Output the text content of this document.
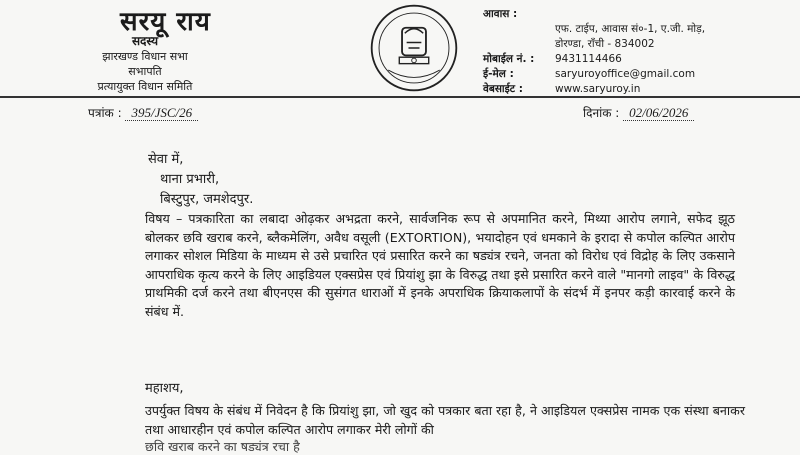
सरयू राय
सदस्य
झारखण्ड विधान सभा
सभापति
प्रत्यायुक्त विधान समिति
आवास :
एफ. टाईप, आवास सं०-1, ए.जी. मोड़,
डोरण्डा, राँची - 834002
मोबाईल नं. :	9431114466
ई-मेल :	saryuroyoffice@gmail.com
वेबसाईट :	www.saryuroy.in
पत्रांक : 395/JSC/26	दिनांक : 02/06/2026
सेवा में,
थाना प्रभारी,
बिस्टुपुर, जमशेदपुर.
विषय – पत्रकारिता का लबादा ओढ़कर अभद्रता करने, सार्वजनिक रूप से अपमानित करने, मिथ्या आरोप लगाने, सफेद झूठ बोलकर छवि खराब करने, ब्लैकमेलिंग, अवैध वसूली (EXTORTION), भयादोहन एवं धमकाने के इरादा से कपोल कल्पित आरोप लगाकर सोशल मिडिया के माध्यम से उसे प्रचारित एवं प्रसारित करने का षड्यंत्र रचने, जनता को विरोध एवं विद्रोह के लिए उकसाने आपराधिक कृत्य करने के लिए आइडियल एक्सप्रेस एवं प्रियांशु झा के विरुद्ध तथा इसे प्रसारित करने वाले "मानगो लाइव" के विरुद्ध प्राथमिकी दर्ज करने तथा बीएनएस की सुसंगत धाराओं में इनके अपराधिक क्रियाकलापों के संदर्भ में इनपर कड़ी कारवाई करने के संबंध में.
महाशय,
उपर्युक्त विषय के संबंध में निवेदन है कि प्रियांशु झा, जो खुद को पत्रकार बता रहा है, ने आइडियल एक्सप्रेस नामक एक संस्था बनाकर तथा आधारहीन एवं कपोल कल्पित आरोप लगाकर मेरी लोगों की
छवि खराब करने का षड्यंत्र रचा है
